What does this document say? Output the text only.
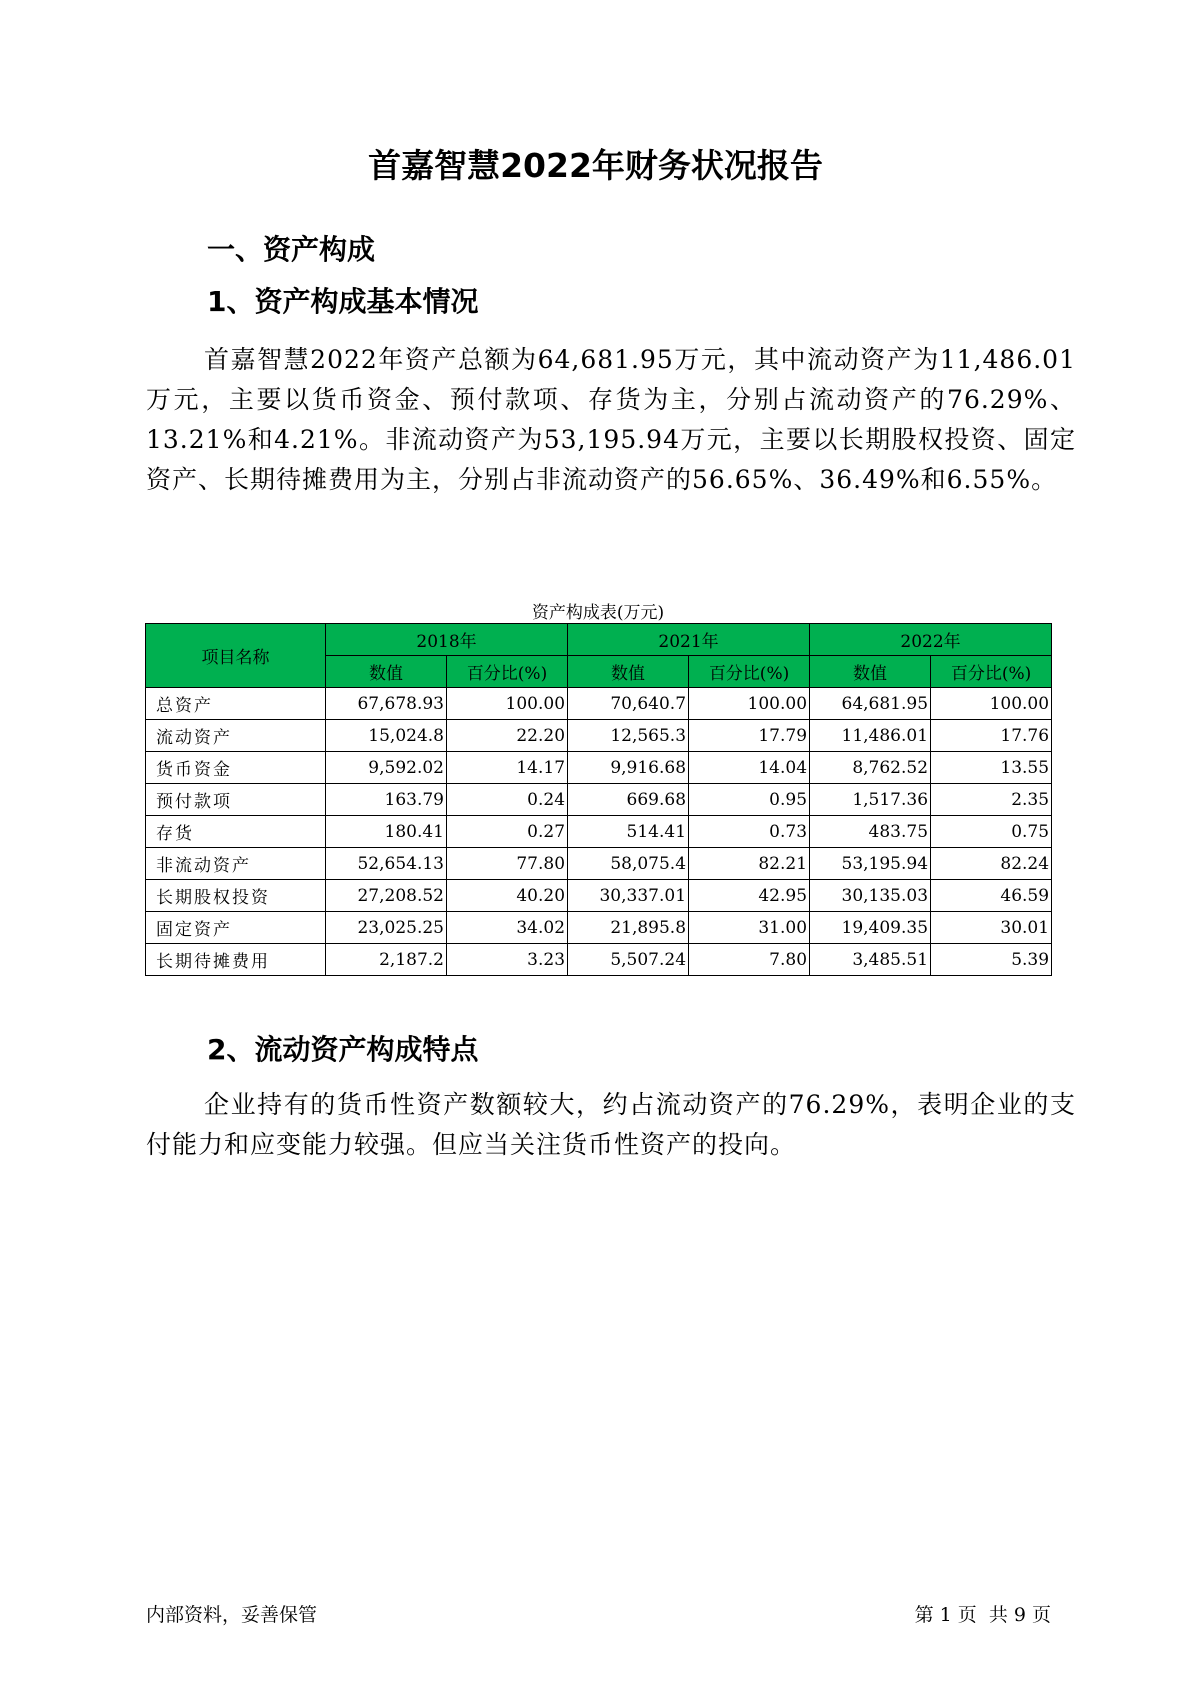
首嘉智慧2022年财务状况报告
一、资产构成
1、资产构成基本情况
首嘉智慧2022年资产总额为64,681.95万元，其中流动资产为11,486.01万元，主要以货币资金、预付款项、存货为主，分别占流动资产的76.29%、13.21%和4.21%。非流动资产为53,195.94万元，主要以长期股权投资、固定资产、长期待摊费用为主，分别占非流动资产的56.65%、36.49%和6.55%。
资产构成表(万元)
项目名称	2018年		2021年		2022年	
	数值	百分比(%)	数值	百分比(%)	数值	百分比(%)
总资产	67,678.93	100.00	70,640.7	100.00	64,681.95	100.00
流动资产	15,024.8	22.20	12,565.3	17.79	11,486.01	17.76
货币资金	9,592.02	14.17	9,916.68	14.04	8,762.52	13.55
预付款项	163.79	0.24	669.68	0.95	1,517.36	2.35
存货	180.41	0.27	514.41	0.73	483.75	0.75
非流动资产	52,654.13	77.80	58,075.4	82.21	53,195.94	82.24
长期股权投资	27,208.52	40.20	30,337.01	42.95	30,135.03	46.59
固定资产	23,025.25	34.02	21,895.8	31.00	19,409.35	30.01
长期待摊费用	2,187.2	3.23	5,507.24	7.80	3,485.51	5.39
2、流动资产构成特点
企业持有的货币性资产数额较大，约占流动资产的76.29%，表明企业的支付能力和应变能力较强。但应当关注货币性资产的投向。
内部资料，妥善保管	第 1 页  共 9 页
